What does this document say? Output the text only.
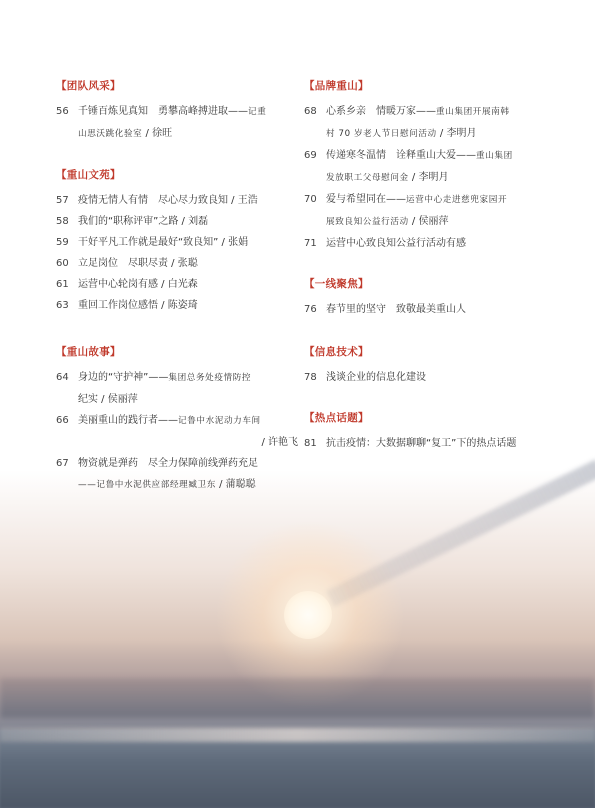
【团队风采】
56 千锤百炼见真知　勇攀高峰搏进取——记重
山思沃跳化验室 / 徐旺
【重山文苑】
57 疫情无情人有情　尽心尽力致良知 / 王浩
58 我们的“职称评审”之路 / 刘磊
59 干好平凡工作就是最好“致良知” / 张娟
60 立足岗位　尽职尽责 / 张聪
61 运营中心轮岗有感 / 白光森
63 重回工作岗位感悟 / 陈姿琦
【重山故事】
64 身边的“守护神”——集团总务处疫情防控
纪实 / 侯丽萍
66 美丽重山的践行者——记鲁中水泥动力车间
/ 许艳飞
67 物资就是弹药　尽全力保障前线弹药充足
——记鲁中水泥供应部经理臧卫东 / 蒲聪聪
【品牌重山】
68 心系乡亲　情暖万家——重山集团开展南韩
村 70 岁老人节日慰问活动 / 李明月
69 传递寒冬温情　诠释重山大爱——重山集团
发放职工父母慰问金 / 李明月
70 爱与希望同在——运营中心走进慈兜家园开
展致良知公益行活动 / 侯丽萍
71 运营中心致良知公益行活动有感
【一线聚焦】
76 春节里的坚守　致敬最美重山人
【信息技术】
78 浅谈企业的信息化建设
【热点话题】
81 抗击疫情：大数据聊聊“复工”下的热点话题
